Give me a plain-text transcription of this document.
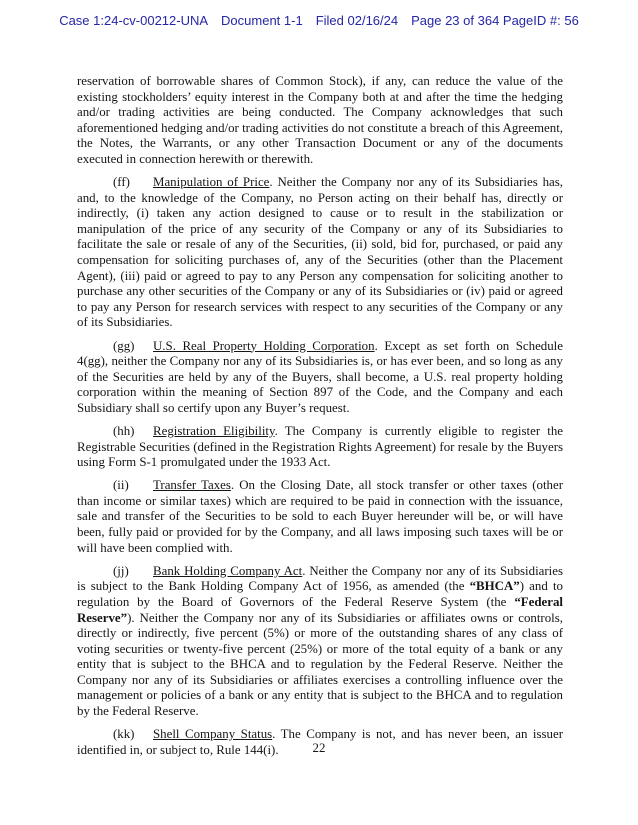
Case 1:24-cv-00212-UNA Document 1-1 Filed 02/16/24 Page 23 of 364 PageID #: 56

reservation of borrowable shares of Common Stock), if any, can reduce the value of the existing stockholders’ equity interest in the Company both at and after the time the hedging and/or trading activities are being conducted. The Company acknowledges that such aforementioned hedging and/or trading activities do not constitute a breach of this Agreement, the Notes, the Warrants, or any other Transaction Document or any of the documents executed in connection herewith or therewith.

(ff) Manipulation of Price. Neither the Company nor any of its Subsidiaries has, and, to the knowledge of the Company, no Person acting on their behalf has, directly or indirectly, (i) taken any action designed to cause or to result in the stabilization or manipulation of the price of any security of the Company or any of its Subsidiaries to facilitate the sale or resale of any of the Securities, (ii) sold, bid for, purchased, or paid any compensation for soliciting purchases of, any of the Securities (other than the Placement Agent), (iii) paid or agreed to pay to any Person any compensation for soliciting another to purchase any other securities of the Company or any of its Subsidiaries or (iv) paid or agreed to pay any Person for research services with respect to any securities of the Company or any of its Subsidiaries.

(gg) U.S. Real Property Holding Corporation. Except as set forth on Schedule 4(gg), neither the Company nor any of its Subsidiaries is, or has ever been, and so long as any of the Securities are held by any of the Buyers, shall become, a U.S. real property holding corporation within the meaning of Section 897 of the Code, and the Company and each Subsidiary shall so certify upon any Buyer’s request.

(hh) Registration Eligibility. The Company is currently eligible to register the Registrable Securities (defined in the Registration Rights Agreement) for resale by the Buyers using Form S-1 promulgated under the 1933 Act.

(ii) Transfer Taxes. On the Closing Date, all stock transfer or other taxes (other than income or similar taxes) which are required to be paid in connection with the issuance, sale and transfer of the Securities to be sold to each Buyer hereunder will be, or will have been, fully paid or provided for by the Company, and all laws imposing such taxes will be or will have been complied with.

(jj) Bank Holding Company Act. Neither the Company nor any of its Subsidiaries is subject to the Bank Holding Company Act of 1956, as amended (the “BHCA”) and to regulation by the Board of Governors of the Federal Reserve System (the “Federal Reserve”). Neither the Company nor any of its Subsidiaries or affiliates owns or controls, directly or indirectly, five percent (5%) or more of the outstanding shares of any class of voting securities or twenty-five percent (25%) or more of the total equity of a bank or any entity that is subject to the BHCA and to regulation by the Federal Reserve. Neither the Company nor any of its Subsidiaries or affiliates exercises a controlling influence over the management or policies of a bank or any entity that is subject to the BHCA and to regulation by the Federal Reserve.

(kk) Shell Company Status. The Company is not, and has never been, an issuer identified in, or subject to, Rule 144(i).	22
